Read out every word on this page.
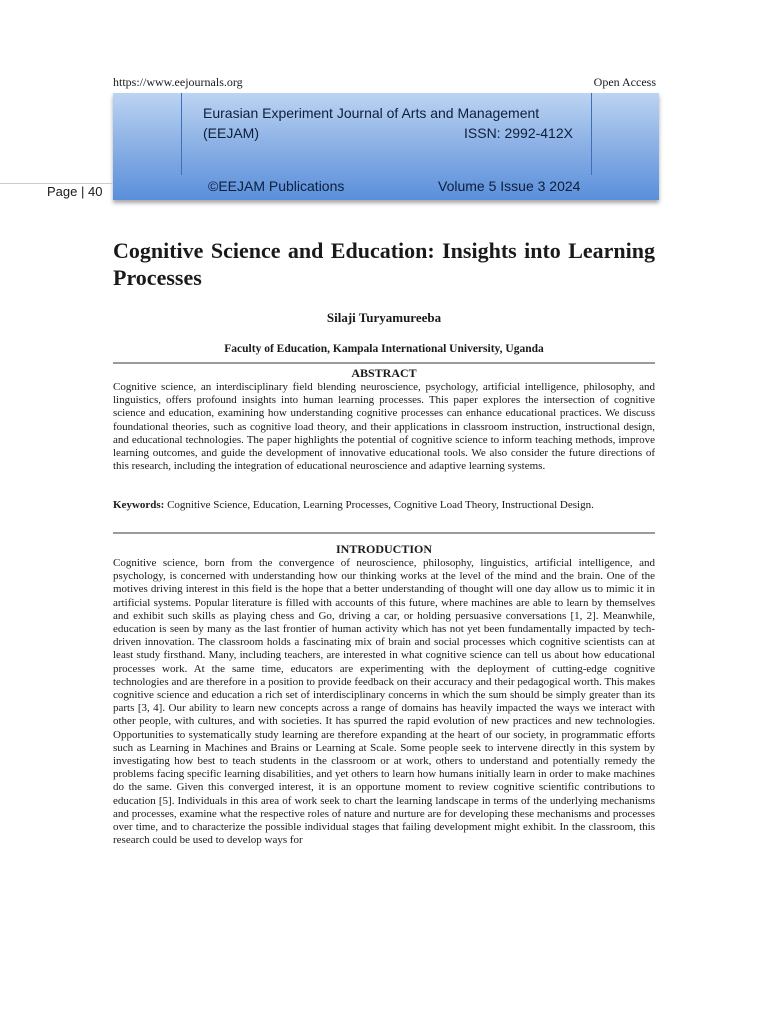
https://www.eejournals.org	Open Access
Eurasian Experiment Journal of Arts and Management
(EEJAM)	ISSN: 2992-412X
©EEJAM Publications	Volume 5 Issue 3 2024
Page | 40
Cognitive Science and Education: Insights into Learning Processes
Silaji Turyamureeba
Faculty of Education, Kampala International University, Uganda
ABSTRACT
Cognitive science, an interdisciplinary field blending neuroscience, psychology, artificial intelligence, philosophy, and linguistics, offers profound insights into human learning processes. This paper explores the intersection of cognitive science and education, examining how understanding cognitive processes can enhance educational practices. We discuss foundational theories, such as cognitive load theory, and their applications in classroom instruction, instructional design, and educational technologies. The paper highlights the potential of cognitive science to inform teaching methods, improve learning outcomes, and guide the development of innovative educational tools. We also consider the future directions of this research, including the integration of educational neuroscience and adaptive learning systems.
Keywords: Cognitive Science, Education, Learning Processes, Cognitive Load Theory, Instructional Design.
INTRODUCTION
Cognitive science, born from the convergence of neuroscience, philosophy, linguistics, artificial intelligence, and psychology, is concerned with understanding how our thinking works at the level of the mind and the brain. One of the motives driving interest in this field is the hope that a better understanding of thought will one day allow us to mimic it in artificial systems. Popular literature is filled with accounts of this future, where machines are able to learn by themselves and exhibit such skills as playing chess and Go, driving a car, or holding persuasive conversations [1, 2]. Meanwhile, education is seen by many as the last frontier of human activity which has not yet been fundamentally impacted by tech-driven innovation. The classroom holds a fascinating mix of brain and social processes which cognitive scientists can at least study firsthand. Many, including teachers, are interested in what cognitive science can tell us about how educational processes work. At the same time, educators are experimenting with the deployment of cutting-edge cognitive technologies and are therefore in a position to provide feedback on their accuracy and their pedagogical worth. This makes cognitive science and education a rich set of interdisciplinary concerns in which the sum should be simply greater than its parts [3, 4]. Our ability to learn new concepts across a range of domains has heavily impacted the ways we interact with other people, with cultures, and with societies. It has spurred the rapid evolution of new practices and new technologies. Opportunities to systematically study learning are therefore expanding at the heart of our society, in programmatic efforts such as Learning in Machines and Brains or Learning at Scale. Some people seek to intervene directly in this system by investigating how best to teach students in the classroom or at work, others to understand and potentially remedy the problems facing specific learning disabilities, and yet others to learn how humans initially learn in order to make machines do the same. Given this converged interest, it is an opportune moment to review cognitive scientific contributions to education [5]. Individuals in this area of work seek to chart the learning landscape in terms of the underlying mechanisms and processes, examine what the respective roles of nature and nurture are for developing these mechanisms and processes over time, and to characterize the possible individual stages that failing development might exhibit. In the classroom, this research could be used to develop ways for
